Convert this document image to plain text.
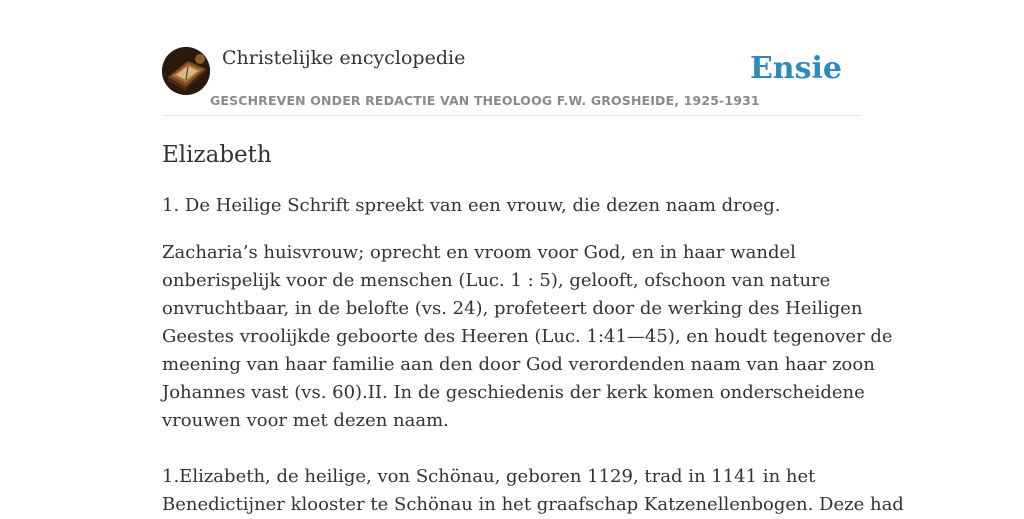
Christelijke encyclopedie	Ensie
GESCHREVEN ONDER REDACTIE VAN THEOLOOG F.W. GROSHEIDE, 1925-1931
Elizabeth

1. De Heilige Schrift spreekt van een vrouw, die dezen naam droeg.

Zacharia’s huisvrouw; oprecht en vroom voor God, en in haar wandel
onberispelijk voor de menschen (Luc. 1 : 5), gelooft, ofschoon van nature
onvruchtbaar, in de belofte (vs. 24), profeteert door de werking des Heiligen
Geestes vroolijkde geboorte des Heeren (Luc. 1:41—45), en houdt tegenover de
meening van haar familie aan den door God verordenden naam van haar zoon
Johannes vast (vs. 60).II. In de geschiedenis der kerk komen onderscheidene
vrouwen voor met dezen naam.

1.Elizabeth, de heilige, von Schönau, geboren 1129, trad in 1141 in het
Benedictijner klooster te Schönau in het graafschap Katzenellenbogen. Deze had
